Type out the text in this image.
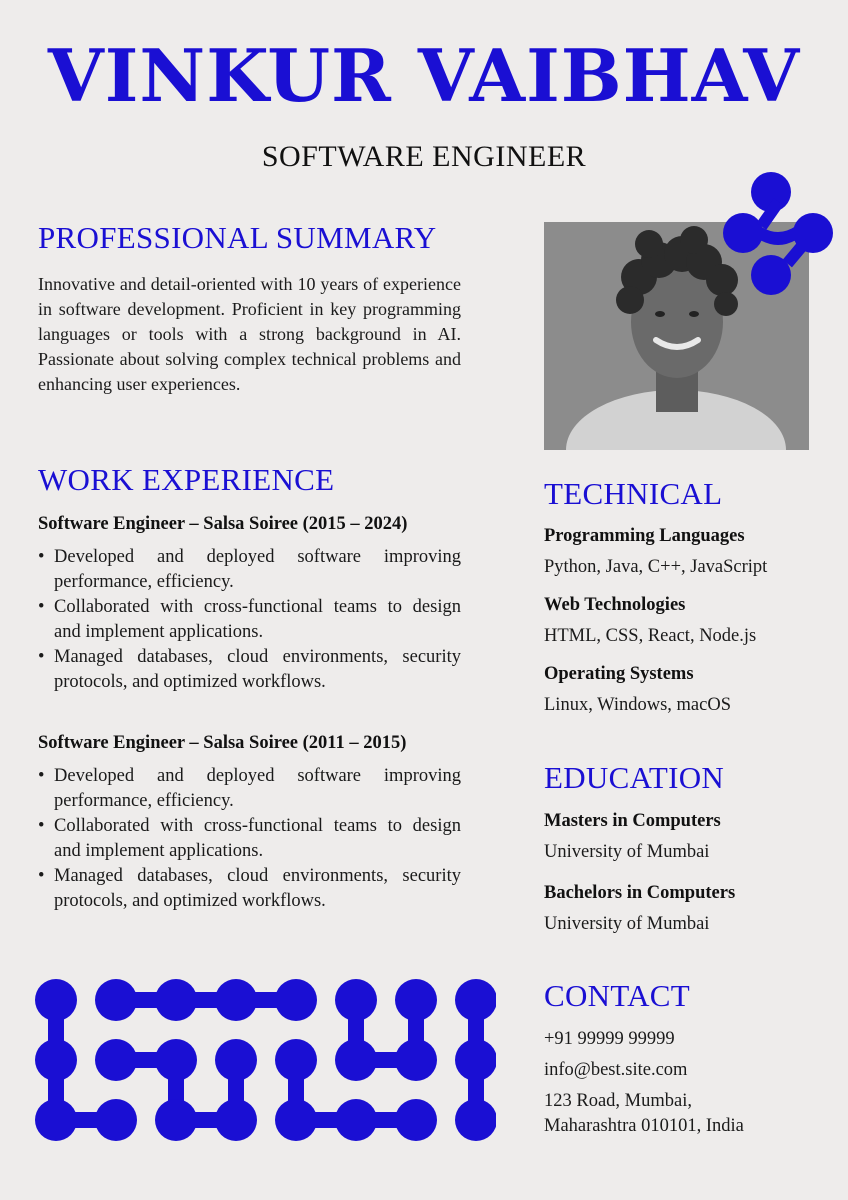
VINKUR VAIBHAV
SOFTWARE ENGINEER
PROFESSIONAL SUMMARY
Innovative and detail-oriented with 10 years of experience in software development. Proficient in key programming languages or tools with a strong background in AI. Passionate about solving complex technical problems and enhancing user experiences.
WORK EXPERIENCE
Software Engineer – Salsa Soiree (2015 – 2024)
• Developed and deployed software improving performance, efficiency.
• Collaborated with cross-functional teams to design and implement applications.
• Managed databases, cloud environments, security protocols, and optimized workflows.
Software Engineer – Salsa Soiree (2011 – 2015)
• Developed and deployed software improving performance, efficiency.
• Collaborated with cross-functional teams to design and implement applications.
• Managed databases, cloud environments, security protocols, and optimized workflows.
TECHNICAL
Programming Languages
Python, Java, C++, JavaScript
Web Technologies
HTML, CSS, React, Node.js
Operating Systems
Linux, Windows, macOS
EDUCATION
Masters in Computers
University of Mumbai
Bachelors in Computers
University of Mumbai
CONTACT
+91 99999 99999
info@best.site.com
123 Road, Mumbai,
Maharashtra 010101, India
